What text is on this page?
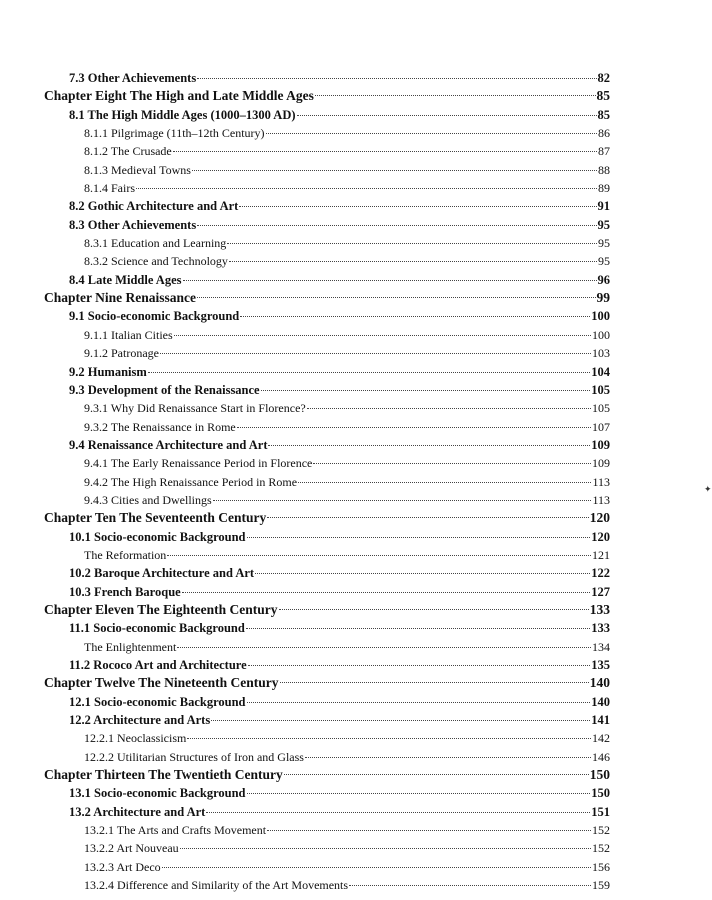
7.3 Other Achievements	82
Chapter Eight The High and Late Middle Ages	85
8.1 The High Middle Ages (1000–1300 AD)	85
8.1.1 Pilgrimage (11th–12th Century)	86
8.1.2 The Crusade	87
8.1.3 Medieval Towns	88
8.1.4 Fairs	89
8.2 Gothic Architecture and Art	91
8.3 Other Achievements	95
8.3.1 Education and Learning	95
8.3.2 Science and Technology	95
8.4 Late Middle Ages	96
Chapter Nine Renaissance	99
9.1 Socio-economic Background	100
9.1.1 Italian Cities	100
9.1.2 Patronage	103
9.2 Humanism	104
9.3 Development of the Renaissance	105
9.3.1 Why Did Renaissance Start in Florence?	105
9.3.2 The Renaissance in Rome	107
9.4 Renaissance Architecture and Art	109
9.4.1 The Early Renaissance Period in Florence	109
9.4.2 The High Renaissance Period in Rome	113
9.4.3 Cities and Dwellings	113
Chapter Ten The Seventeenth Century	120
10.1 Socio-economic Background	120
The Reformation	121
10.2 Baroque Architecture and Art	122
10.3 French Baroque	127
Chapter Eleven The Eighteenth Century	133
11.1 Socio-economic Background	133
The Enlightenment	134
11.2 Rococo Art and Architecture	135
Chapter Twelve The Nineteenth Century	140
12.1 Socio-economic Background	140
12.2 Architecture and Arts	141
12.2.1 Neoclassicism	142
12.2.2 Utilitarian Structures of Iron and Glass	146
Chapter Thirteen The Twentieth Century	150
13.1 Socio-economic Background	150
13.2 Architecture and Art	151
13.2.1 The Arts and Crafts Movement	152
13.2.2 Art Nouveau	152
13.2.3 Art Deco	156
13.2.4 Difference and Similarity of the Art Movements	159
✦
